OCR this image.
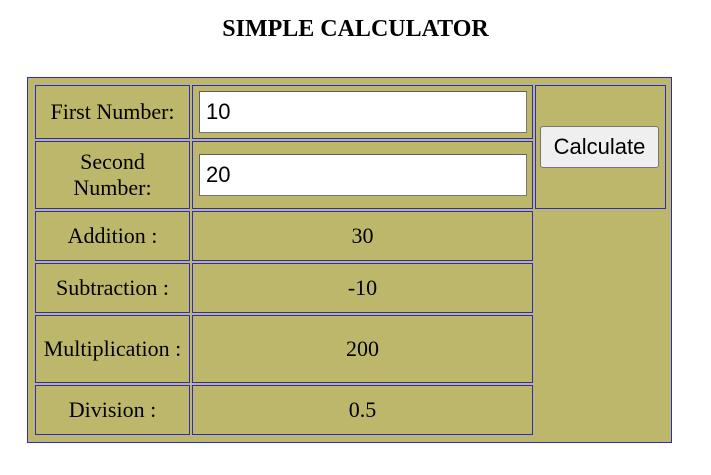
SIMPLE CALCULATOR
First Number:
10
Second Number:
20
Calculate
Addition :	30
Subtraction :	-10
Multiplication :	200
Division :	0.5
